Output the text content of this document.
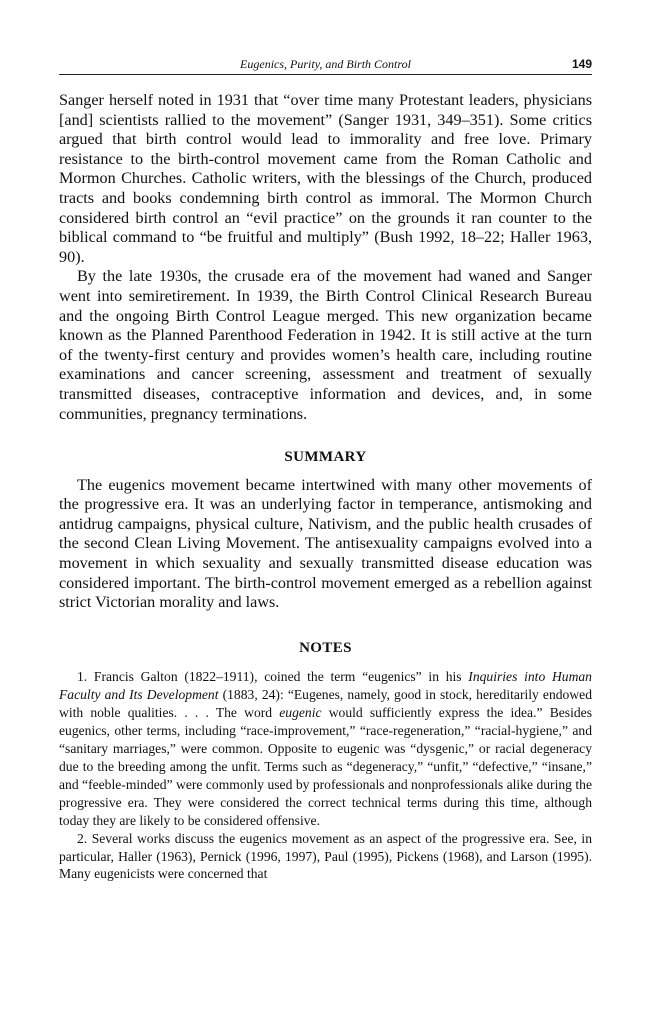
Eugenics, Purity, and Birth Control	149

Sanger herself noted in 1931 that “over time many Protestant leaders, physicians [and] scientists rallied to the movement” (Sanger 1931, 349–351). Some critics argued that birth control would lead to immorality and free love. Primary resistance to the birth-control movement came from the Roman Catholic and Mormon Churches. Catholic writers, with the blessings of the Church, produced tracts and books condemning birth control as immoral. The Mormon Church considered birth control an “evil practice” on the grounds it ran counter to the biblical command to “be fruitful and multiply” (Bush 1992, 18–22; Haller 1963, 90).

By the late 1930s, the crusade era of the movement had waned and Sanger went into semiretirement. In 1939, the Birth Control Clinical Research Bureau and the ongoing Birth Control League merged. This new organization became known as the Planned Parenthood Federation in 1942. It is still active at the turn of the twenty-first century and provides women’s health care, including routine examinations and cancer screening, assessment and treatment of sexually transmitted diseases, contraceptive information and devices, and, in some communities, pregnancy terminations.

SUMMARY

The eugenics movement became intertwined with many other movements of the progressive era. It was an underlying factor in temperance, antismoking and antidrug campaigns, physical culture, Nativism, and the public health crusades of the second Clean Living Movement. The antisexuality campaigns evolved into a movement in which sexuality and sexually transmitted disease education was considered important. The birth-control movement emerged as a rebellion against strict Victorian morality and laws.

NOTES

1. Francis Galton (1822–1911), coined the term “eugenics” in his Inquiries into Human Faculty and Its Development (1883, 24): “Eugenes, namely, good in stock, hereditarily endowed with noble qualities. . . . The word eugenic would sufficiently express the idea.” Besides eugenics, other terms, including “race-improvement,” “race-regeneration,” “racial-hygiene,” and “sanitary marriages,” were common. Opposite to eugenic was “dysgenic,” or racial degeneracy due to the breeding among the unfit. Terms such as “degeneracy,” “unfit,” “defective,” “insane,” and “feeble-minded” were commonly used by professionals and nonprofessionals alike during the progressive era. They were considered the correct technical terms during this time, although today they are likely to be considered offensive.

2. Several works discuss the eugenics movement as an aspect of the progressive era. See, in particular, Haller (1963), Pernick (1996, 1997), Paul (1995), Pickens (1968), and Larson (1995). Many eugenicists were concerned that
